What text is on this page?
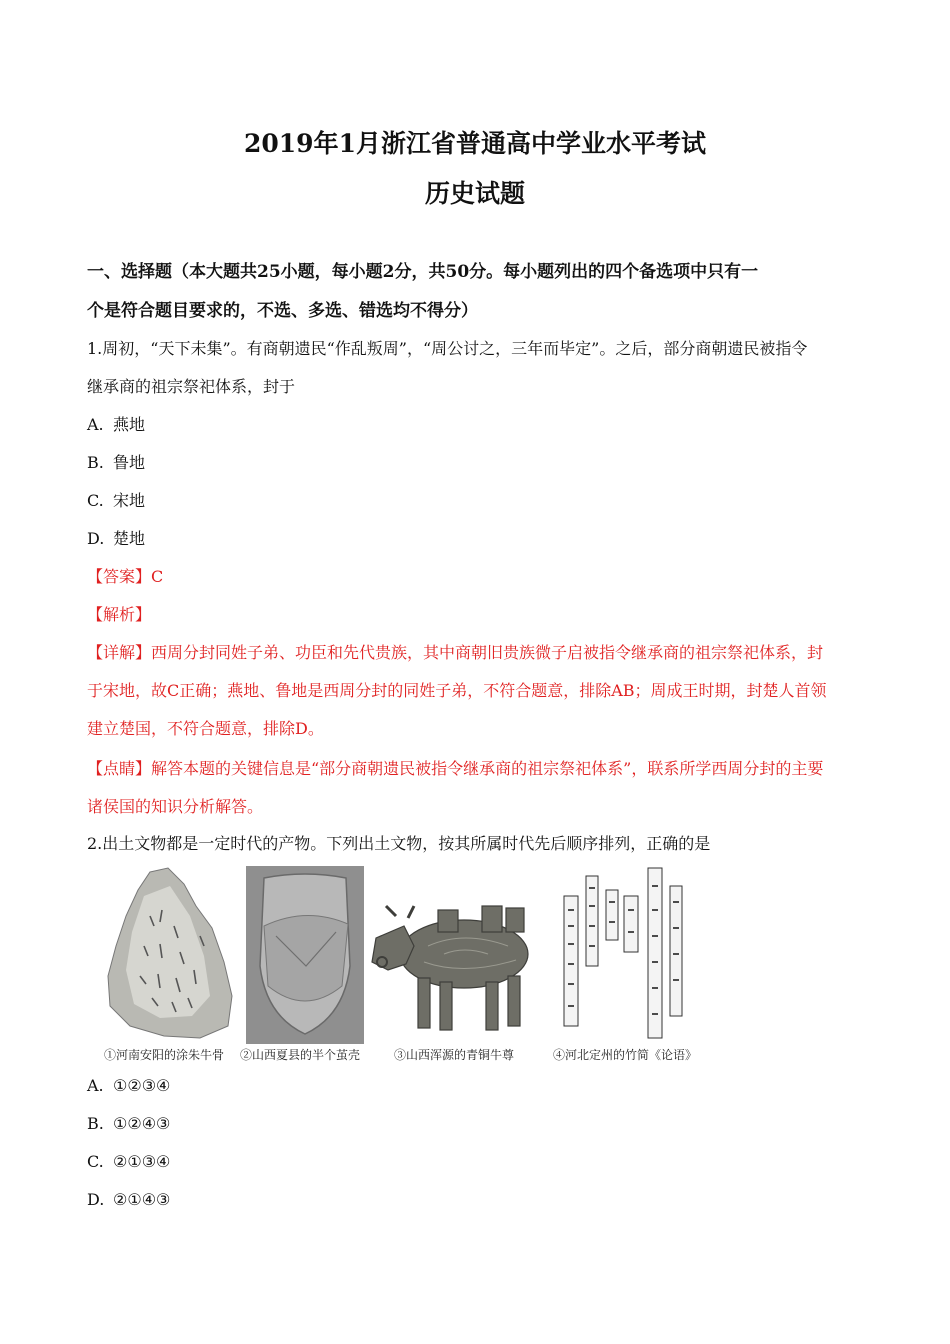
2019年1月浙江省普通高中学业水平考试
历史试题
一、选择题（本大题共25小题，每小题2分，共50分。每小题列出的四个备选项中只有一
个是符合题目要求的，不选、多选、错选均不得分）
1.周初，“天下未集”。有商朝遗民“作乱叛周”，“周公讨之，三年而毕定”。之后，部分商朝遗民被指令
继承商的祖宗祭祀体系，封于
A. 燕地
B. 鲁地
C. 宋地
D. 楚地
【答案】C
【解析】
【详解】西周分封同姓子弟、功臣和先代贵族，其中商朝旧贵族微子启被指令继承商的祖宗祭祀体系，封
于宋地，故C正确；燕地、鲁地是西周分封的同姓子弟，不符合题意，排除AB；周成王时期，封楚人首领
建立楚国，不符合题意，排除D。
【点睛】解答本题的关键信息是“部分商朝遗民被指令继承商的祖宗祭祀体系”，联系所学西周分封的主要
诸侯国的知识分析解答。
2.出土文物都是一定时代的产物。下列出土文物，按其所属时代先后顺序排列，正确的是
①河南安阳的涂朱牛骨 ②山西夏县的半个茧壳	③山西浑源的青铜牛尊	④河北定州的竹简《论语》
A. ①②③④
B. ①②④③
C. ②①③④
D. ②①④③
